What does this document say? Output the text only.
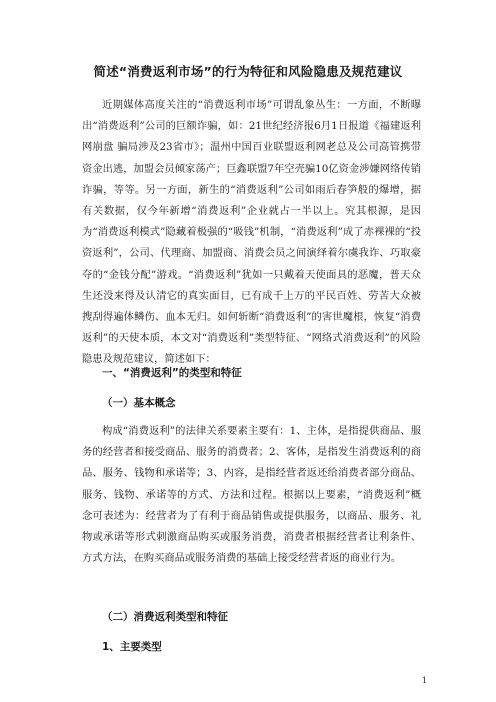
简述“消费返利市场”的行为特征和风险隐患及规范建议

近期媒体高度关注的“消费返利市场”可谓乱象丛生：一方面，不断曝出“消费返利”公司的巨额诈骗，如：21世纪经济报6月1日报道《福建返利网崩盘 骗局涉及23省市》；温州中国百业联盟返利网老总及公司高管携带资金出逃，加盟会员倾家荡产；巨鑫联盟7年空壳骗10亿资金涉嫌网络传销诈骗，等等。另一方面，新生的“消费返利”公司如雨后春笋般的爆增，据有关数据，仅今年新增“消费返利”企业就占一半以上。究其根源，是因为“消费返利模式”隐藏着极强的“吸钱”机制，“消费返利”成了赤裸裸的“投资返利”，公司、代理商、加盟商、消费会员之间演绎着尔虞我诈、巧取豪夺的“金钱分配”游戏。“消费返利”犹如一只戴着天使面具的恶魔，普天众生还没来得及认清它的真实面目，已有成千上万的平民百姓、劳苦大众被搜刮得遍体鳞伤、血本无归。如何斩断“消费返利”的害世魔根，恢复“消费返利”的天使本质，本文对“消费返利”类型特征、“网络式消费返利”的风险隐患及规范建议，简述如下：

一、“消费返利”的类型和特征
（一）基本概念

构成“消费返利”的法律关系要素主要有：1、主体，是指提供商品、服务的经营者和接受商品、服务的消费者；2、客体，是指发生消费返利的商品、服务、钱物和承诺等；3、内容，是指经营者返还给消费者部分商品、服务、钱物、承诺等的方式、方法和过程。根据以上要素，“消费返利”概念可表述为：经营者为了有利于商品销售或提供服务，以商品、服务、礼物或承诺等形式刺激商品购买或服务消费，消费者根据经营者让利条件、方式方法，在购买商品或服务消费的基础上接受经营者返的商业行为。

（二）消费返利类型和特征
1、主要类型
1
